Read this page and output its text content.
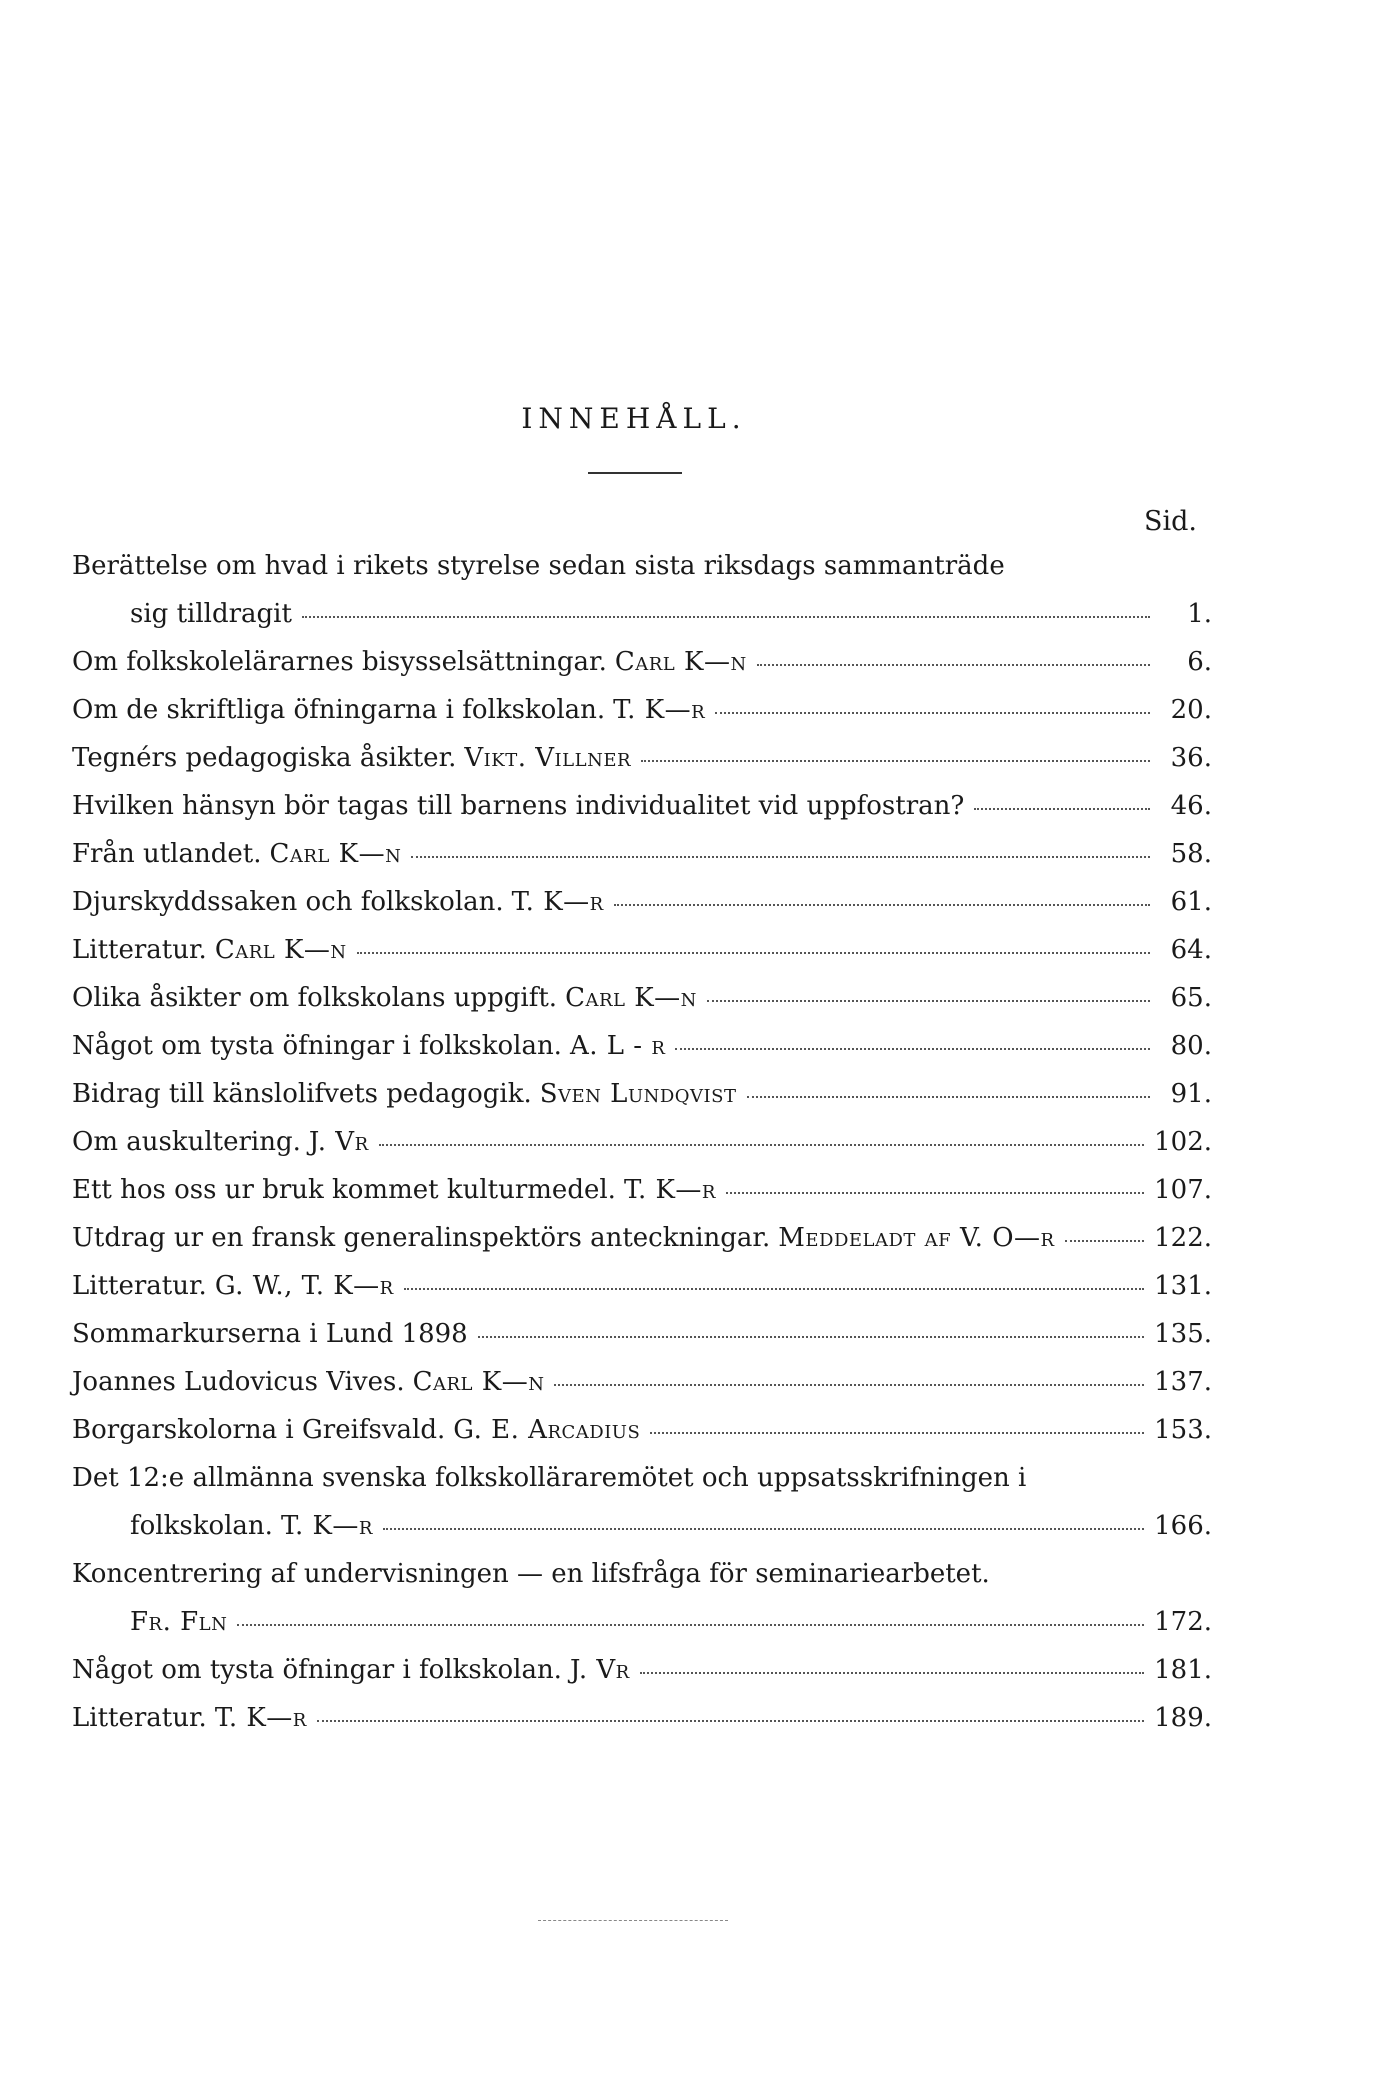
INNEHÅLL.
Sid.
Berättelse om hvad i rikets styrelse sedan sista riksdags sammanträde
sig tilldragit	1.
Om folkskolelärarnes bisysselsättningar. Carl K—n	6.
Om de skriftliga öfningarna i folkskolan. T. K—r	20.
Tegnérs pedagogiska åsikter. Vikt. Villner	36.
Hvilken hänsyn bör tagas till barnens individualitet vid uppfostran?	46.
Från utlandet. Carl K—n	58.
Djurskyddssaken och folkskolan. T. K—r	61.
Litteratur. Carl K—n	64.
Olika åsikter om folkskolans uppgift. Carl K—n	65.
Något om tysta öfningar i folkskolan. A. L - r	80.
Bidrag till känslolifvets pedagogik. Sven Lundqvist	91.
Om auskultering. J. Vr	102.
Ett hos oss ur bruk kommet kulturmedel. T. K—r	107.
Utdrag ur en fransk generalinspektörs anteckningar. Meddeladt af V. O—r	122.
Litteratur. G. W., T. K—r	131.
Sommarkurserna i Lund 1898	135.
Joannes Ludovicus Vives. Carl K—n	137.
Borgarskolorna i Greifsvald. G. E. Arcadius	153.
Det 12:e allmänna svenska folkskolläraremötet och uppsatsskrifningen i
folkskolan. T. K—r	166.
Koncentrering af undervisningen — en lifsfråga för seminariearbetet.
Fr. Fln	172.
Något om tysta öfningar i folkskolan. J. Vr	181.
Litteratur. T. K—r	189.
